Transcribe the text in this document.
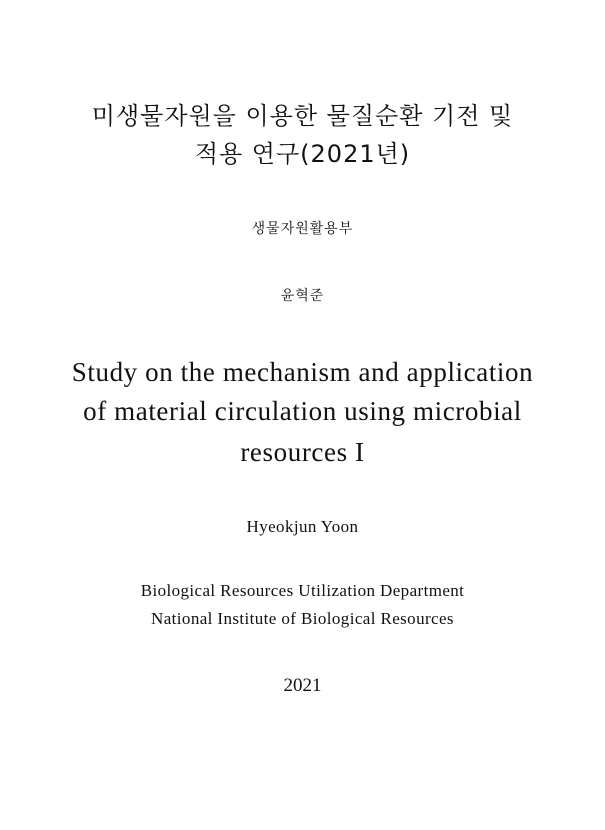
미생물자원을 이용한 물질순환 기전 및
적용 연구(2021년)
생물자원활용부
윤혁준
Study on the mechanism and application
of material circulation using microbial
resources I
Hyeokjun Yoon
Biological Resources Utilization Department
National Institute of Biological Resources
2021
